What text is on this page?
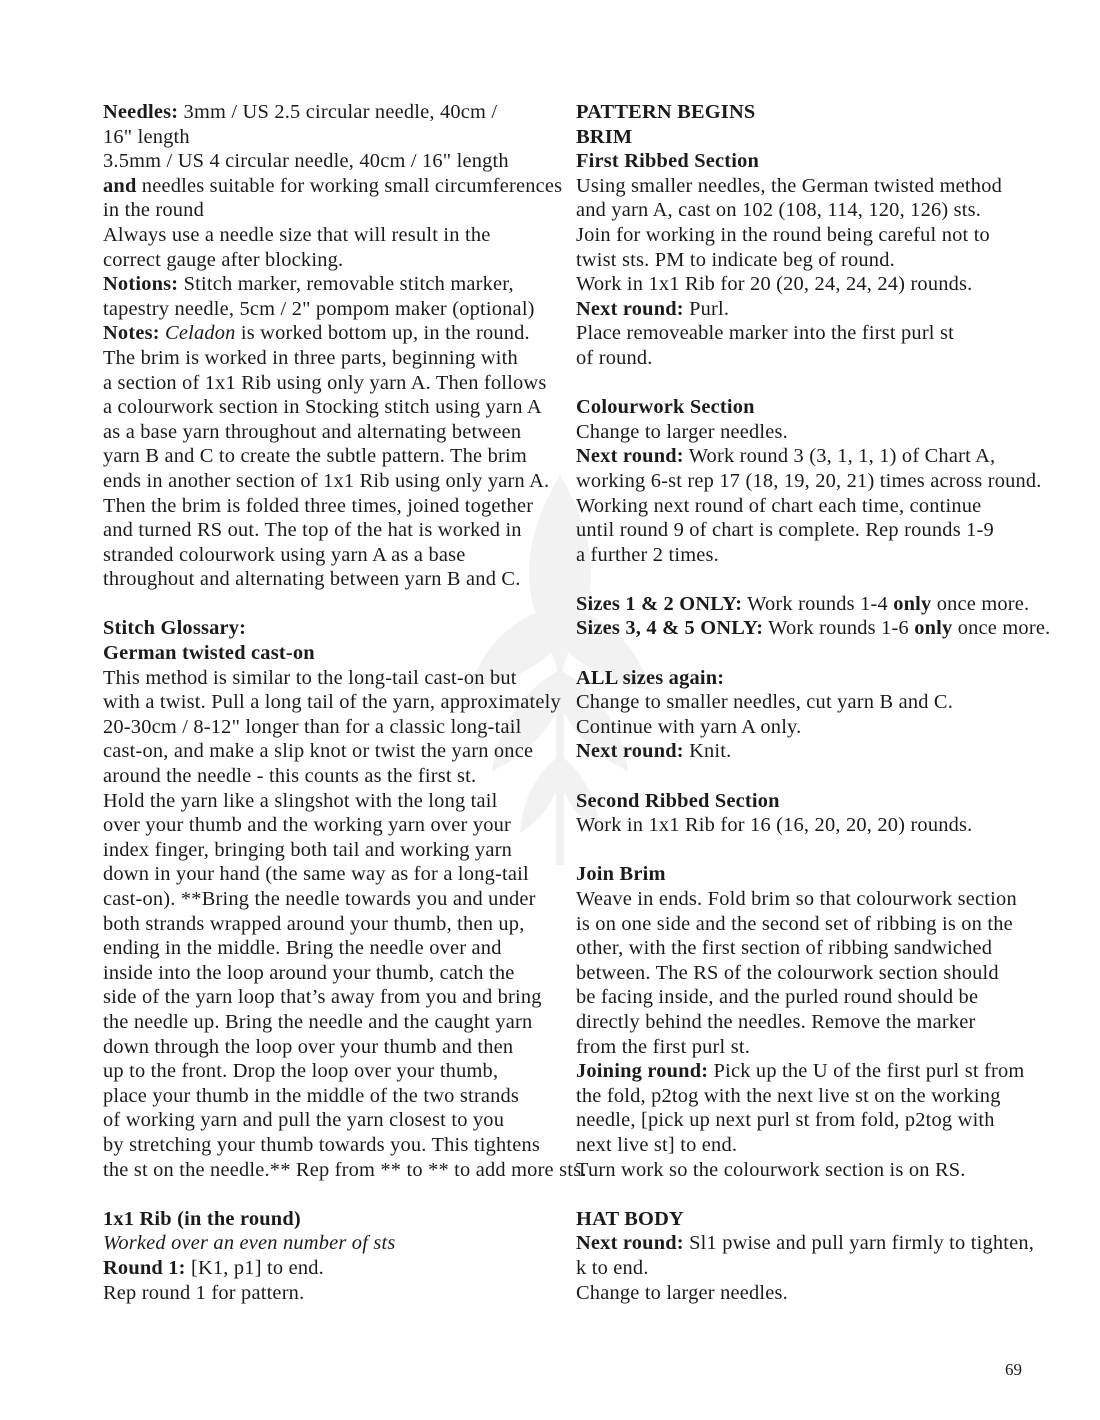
Needles: 3mm / US 2.5 circular needle, 40cm /
16" length
3.5mm / US 4 circular needle, 40cm / 16" length
and needles suitable for working small circumferences
in the round
Always use a needle size that will result in the
correct gauge after blocking.
Notions: Stitch marker, removable stitch marker,
tapestry needle, 5cm / 2" pompom maker (optional)
Notes: Celadon is worked bottom up, in the round.
The brim is worked in three parts, beginning with
a section of 1x1 Rib using only yarn A. Then follows
a colourwork section in Stocking stitch using yarn A
as a base yarn throughout and alternating between
yarn B and C to create the subtle pattern. The brim
ends in another section of 1x1 Rib using only yarn A.
Then the brim is folded three times, joined together
and turned RS out. The top of the hat is worked in
stranded colourwork using yarn A as a base
throughout and alternating between yarn B and C.
Stitch Glossary:
German twisted cast-on
This method is similar to the long-tail cast-on but
with a twist. Pull a long tail of the yarn, approximately
20-30cm / 8-12" longer than for a classic long-tail
cast-on, and make a slip knot or twist the yarn once
around the needle - this counts as the first st.
Hold the yarn like a slingshot with the long tail
over your thumb and the working yarn over your
index finger, bringing both tail and working yarn
down in your hand (the same way as for a long-tail
cast-on). **Bring the needle towards you and under
both strands wrapped around your thumb, then up,
ending in the middle. Bring the needle over and
inside into the loop around your thumb, catch the
side of the yarn loop that’s away from you and bring
the needle up. Bring the needle and the caught yarn
down through the loop over your thumb and then
up to the front. Drop the loop over your thumb,
place your thumb in the middle of the two strands
of working yarn and pull the yarn closest to you
by stretching your thumb towards you. This tightens
the st on the needle.** Rep from ** to ** to add more sts.
1x1 Rib (in the round)
Worked over an even number of sts
Round 1: [K1, p1] to end.
Rep round 1 for pattern.
PATTERN BEGINS
BRIM
First Ribbed Section
Using smaller needles, the German twisted method
and yarn A, cast on 102 (108, 114, 120, 126) sts.
Join for working in the round being careful not to
twist sts. PM to indicate beg of round.
Work in 1x1 Rib for 20 (20, 24, 24, 24) rounds.
Next round: Purl.
Place removeable marker into the first purl st
of round.
Colourwork Section
Change to larger needles.
Next round: Work round 3 (3, 1, 1, 1) of Chart A,
working 6-st rep 17 (18, 19, 20, 21) times across round.
Working next round of chart each time, continue
until round 9 of chart is complete. Rep rounds 1-9
a further 2 times.
Sizes 1 & 2 ONLY: Work rounds 1-4 only once more.
Sizes 3, 4 & 5 ONLY: Work rounds 1-6 only once more.
ALL sizes again:
Change to smaller needles, cut yarn B and C.
Continue with yarn A only.
Next round: Knit.
Second Ribbed Section
Work in 1x1 Rib for 16 (16, 20, 20, 20) rounds.
Join Brim
Weave in ends. Fold brim so that colourwork section
is on one side and the second set of ribbing is on the
other, with the first section of ribbing sandwiched
between. The RS of the colourwork section should
be facing inside, and the purled round should be
directly behind the needles. Remove the marker
from the first purl st.
Joining round: Pick up the U of the first purl st from
the fold, p2tog with the next live st on the working
needle, [pick up next purl st from fold, p2tog with
next live st] to end.
Turn work so the colourwork section is on RS.
HAT BODY
Next round: Sl1 pwise and pull yarn firmly to tighten,
k to end.
Change to larger needles.
69
